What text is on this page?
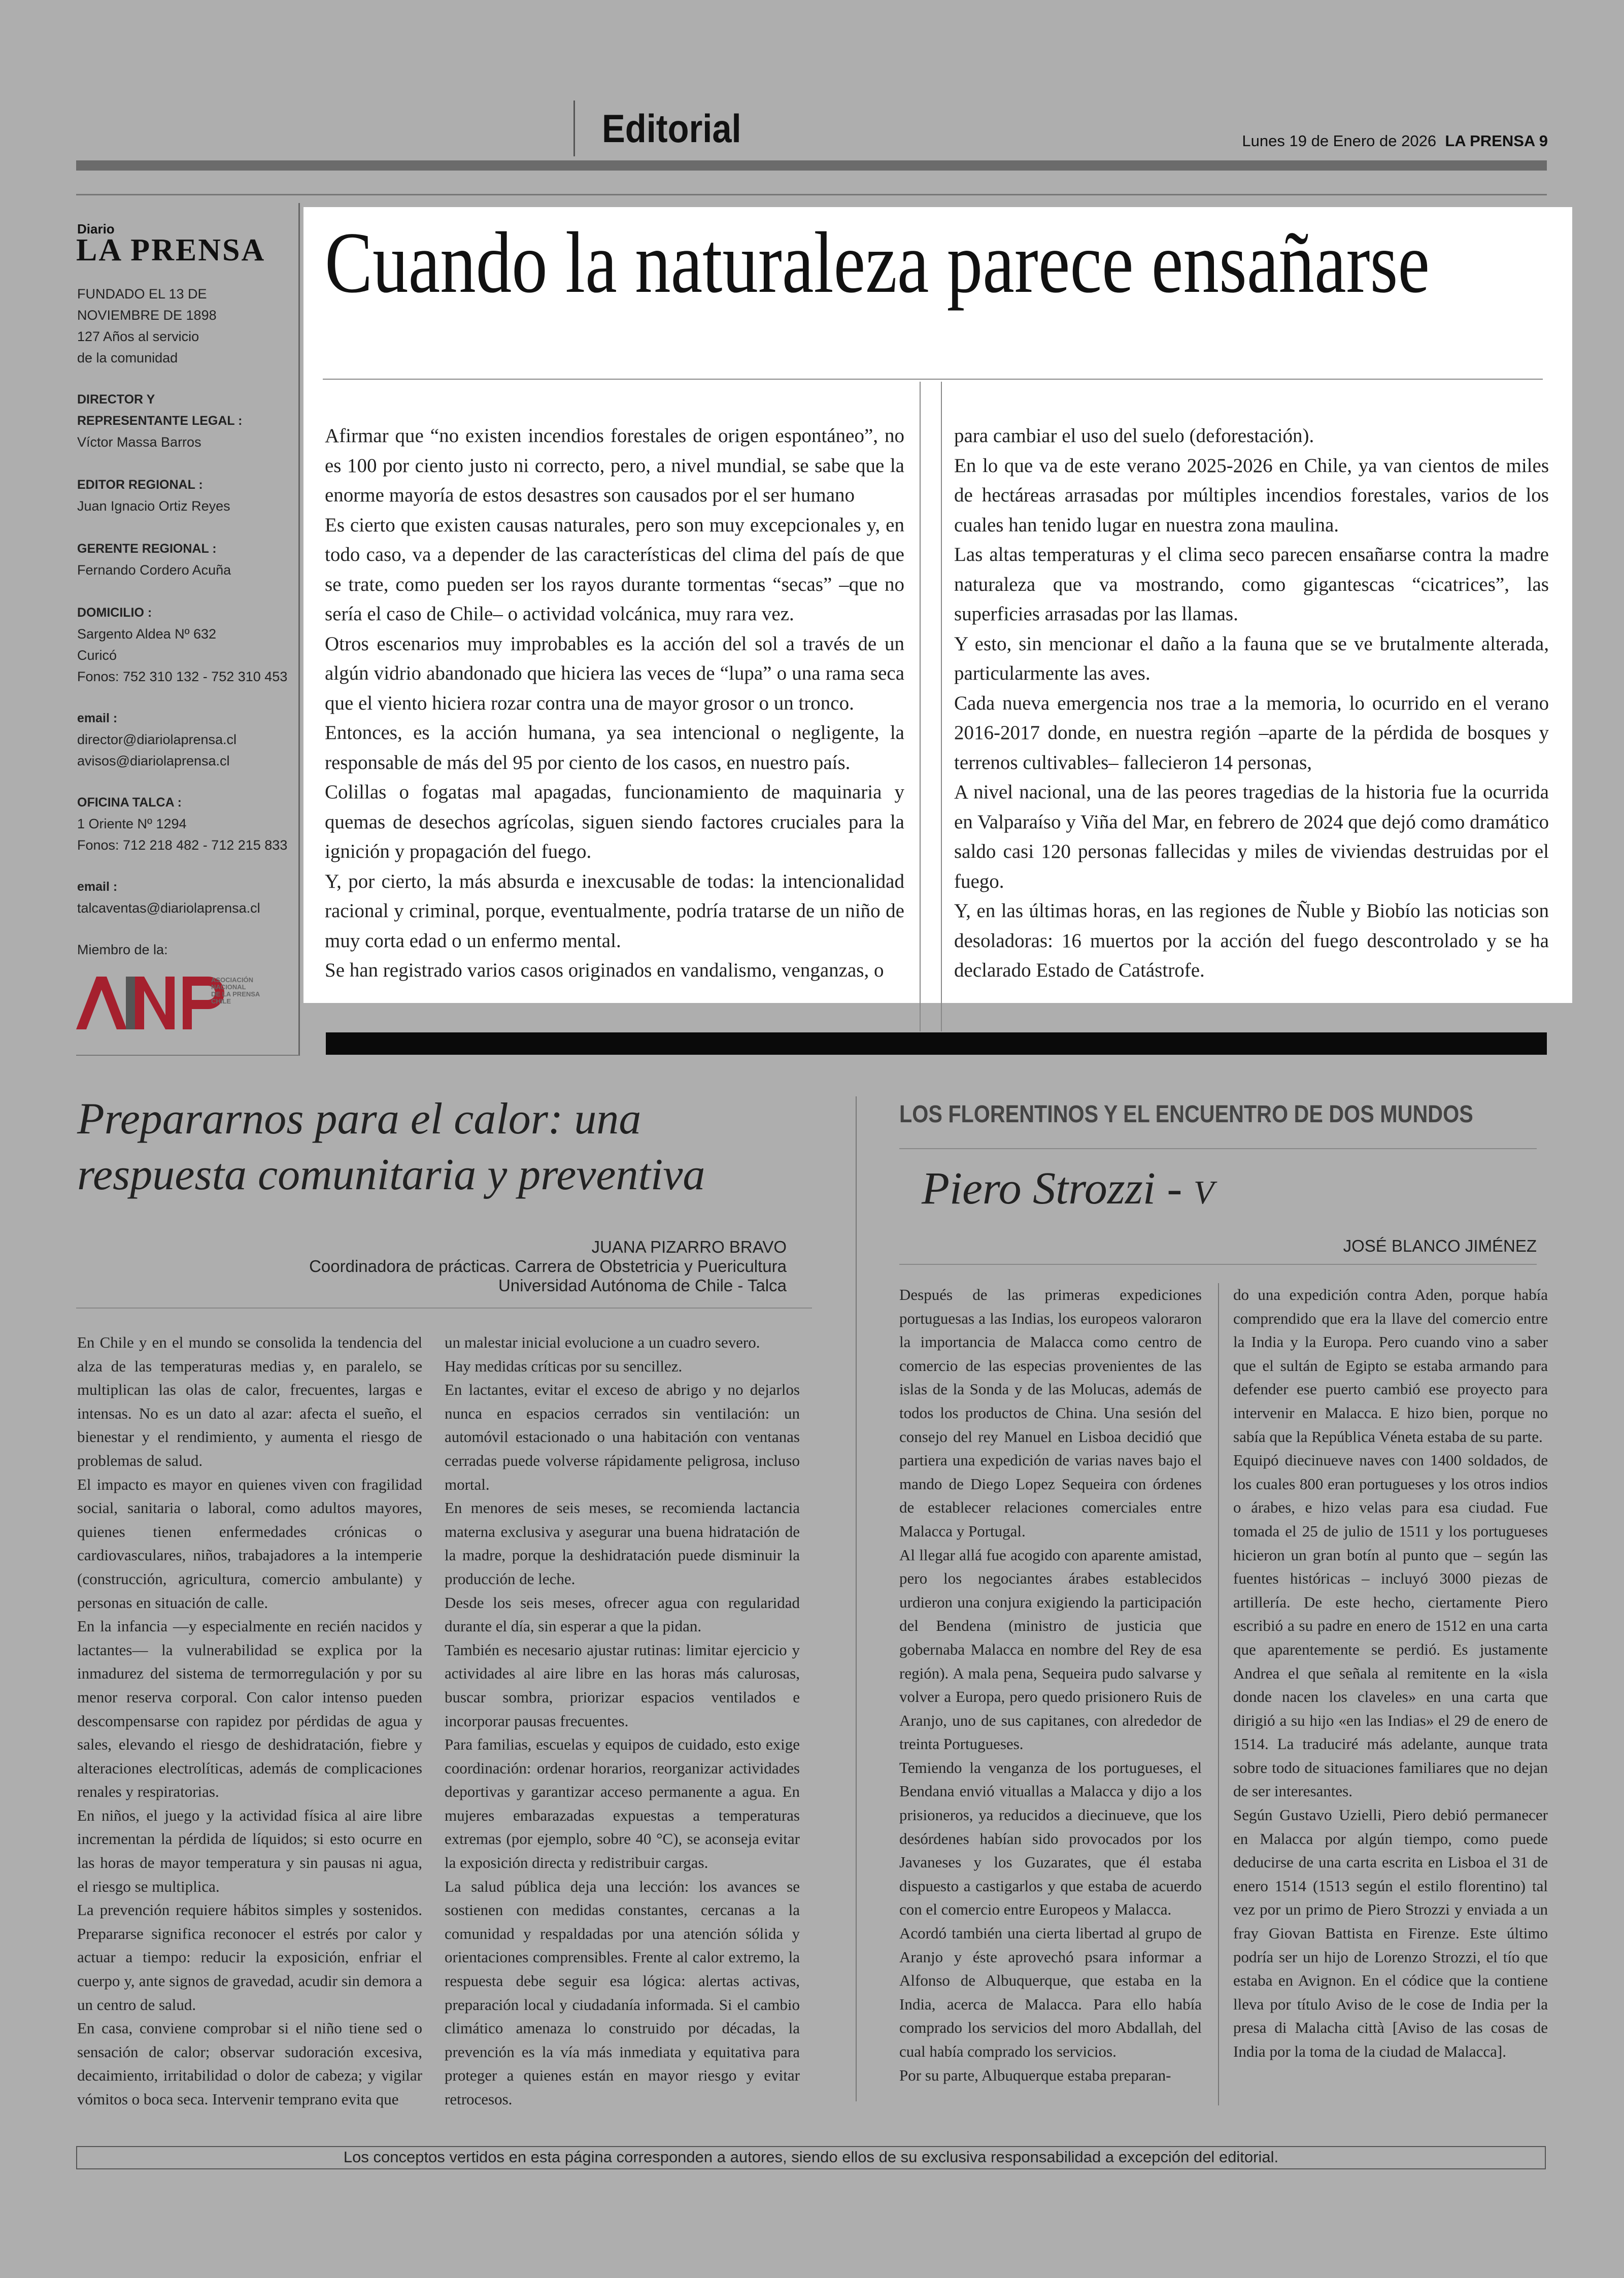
Editorial	Lunes 19 de Enero de 2026 LA PRENSA 9
Diario
LA PRENSA
FUNDADO EL 13 DE
NOVIEMBRE DE 1898
127 Años al servicio
de la comunidad
DIRECTOR Y
REPRESENTANTE LEGAL :
Víctor Massa Barros
EDITOR REGIONAL :
Juan Ignacio Ortiz Reyes
GERENTE REGIONAL :
Fernando Cordero Acuña
DOMICILIO :
Sargento Aldea Nº 632
Curicó
Fonos: 752 310 132 - 752 310 453
email :
director@diariolaprensa.cl
avisos@diariolaprensa.cl
OFICINA TALCA :
1 Oriente Nº 1294
Fonos: 712 218 482 - 712 215 833
email :
talcaventas@diariolaprensa.cl
Miembro de la:
ASOCIACIÓN
NACIONAL
DE LA PRENSA
CHILE
Cuando la naturaleza parece ensañarse

Afirmar que “no existen incendios forestales de origen espontáneo”, no es 100 por ciento justo ni correcto, pero, a nivel mundial, se sabe que la enorme mayoría de estos desastres son causados por el ser humano

Es cierto que existen causas naturales, pero son muy excepcionales y, en todo caso, va a depender de las características del clima del país de que se trate, como pueden ser los rayos durante tormentas “secas” –que no sería el caso de Chile– o actividad volcánica, muy rara vez.

Otros escenarios muy improbables es la acción del sol a través de un algún vidrio abandonado que hiciera las veces de “lupa” o una rama seca que el viento hiciera rozar contra una de mayor grosor o un tronco.

Entonces, es la acción humana, ya sea intencional o negligente, la responsable de más del 95 por ciento de los casos, en nuestro país.

Colillas o fogatas mal apagadas, funcionamiento de maquinaria y quemas de desechos agrícolas, siguen siendo factores cruciales para la ignición y propagación del fuego.

Y, por cierto, la más absurda e inexcusable de todas: la intencionalidad racional y criminal, porque, eventualmente, podría tratarse de un niño de muy corta edad o un enfermo mental.

Se han registrado varios casos originados en vandalismo, venganzas, o

para cambiar el uso del suelo (deforestación).

En lo que va de este verano 2025-2026 en Chile, ya van cientos de miles de hectáreas arrasadas por múltiples incendios forestales, varios de los cuales han tenido lugar en nuestra zona maulina.

Las altas temperaturas y el clima seco parecen ensañarse contra la madre naturaleza que va mostrando, como gigantescas “cicatrices”, las superficies arrasadas por las llamas.

Y esto, sin mencionar el daño a la fauna que se ve brutalmente alterada, particularmente las aves.

Cada nueva emergencia nos trae a la memoria, lo ocurrido en el verano 2016-2017 donde, en nuestra región –aparte de la pérdida de bosques y terrenos cultivables– fallecieron 14 personas,

A nivel nacional, una de las peores tragedias de la historia fue la ocurrida en Valparaíso y Viña del Mar, en febrero de 2024 que dejó como dramático saldo casi 120 personas fallecidas y miles de viviendas destruidas por el fuego.

Y, en las últimas horas, en las regiones de Ñuble y Biobío las noticias son desoladoras: 16 muertos por la acción del fuego descontrolado y se ha declarado Estado de Catástrofe.

Prepararnos para el calor: una
respuesta comunitaria y preventiva
JUANA PIZARRO BRAVO
Coordinadora de prácticas. Carrera de Obstetricia y Puericultura
Universidad Autónoma de Chile - Talca

En Chile y en el mundo se consolida la tendencia del alza de las temperaturas medias y, en paralelo, se multiplican las olas de calor, frecuentes, largas e intensas. No es un dato al azar: afecta el sueño, el bienestar y el rendimiento, y aumenta el riesgo de problemas de salud.

El impacto es mayor en quienes viven con fragilidad social, sanitaria o laboral, como adultos mayores, quienes tienen enfermedades crónicas o cardiovasculares, niños, trabajadores a la intemperie (construcción, agricultura, comercio ambulante) y personas en situación de calle.

En la infancia —y especialmente en recién nacidos y lactantes— la vulnerabilidad se explica por la inmadurez del sistema de termorregulación y por su menor reserva corporal. Con calor intenso pueden descompensarse con rapidez por pérdidas de agua y sales, elevando el riesgo de deshidratación, fiebre y alteraciones electrolíticas, además de complicaciones renales y respiratorias.

En niños, el juego y la actividad física al aire libre incrementan la pérdida de líquidos; si esto ocurre en las horas de mayor temperatura y sin pausas ni agua, el riesgo se multiplica.

La prevención requiere hábitos simples y sostenidos. Prepararse significa reconocer el estrés por calor y actuar a tiempo: reducir la exposición, enfriar el cuerpo y, ante signos de gravedad, acudir sin demora a un centro de salud.

En casa, conviene comprobar si el niño tiene sed o sensación de calor; observar sudoración excesiva, decaimiento, irritabilidad o dolor de cabeza; y vigilar vómitos o boca seca. Intervenir temprano evita que

un malestar inicial evolucione a un cuadro severo.

Hay medidas críticas por su sencillez.

En lactantes, evitar el exceso de abrigo y no dejarlos nunca en espacios cerrados sin ventilación: un automóvil estacionado o una habitación con ventanas cerradas puede volverse rápidamente peligrosa, incluso mortal.

En menores de seis meses, se recomienda lactancia materna exclusiva y asegurar una buena hidratación de la madre, porque la deshidratación puede disminuir la producción de leche.

Desde los seis meses, ofrecer agua con regularidad durante el día, sin esperar a que la pidan.

También es necesario ajustar rutinas: limitar ejercicio y actividades al aire libre en las horas más calurosas, buscar sombra, priorizar espacios ventilados e incorporar pausas frecuentes.

Para familias, escuelas y equipos de cuidado, esto exige coordinación: ordenar horarios, reorganizar actividades deportivas y garantizar acceso permanente a agua. En mujeres embarazadas expuestas a temperaturas extremas (por ejemplo, sobre 40 °C), se aconseja evitar la exposición directa y redistribuir cargas.

La salud pública deja una lección: los avances se sostienen con medidas constantes, cercanas a la comunidad y respaldadas por una atención sólida y orientaciones comprensibles. Frente al calor extremo, la respuesta debe seguir esa lógica: alertas activas, preparación local y ciudadanía informada. Si el cambio climático amenaza lo construido por décadas, la prevención es la vía más inmediata y equitativa para proteger a quienes están en mayor riesgo y evitar retrocesos.

LOS FLORENTINOS Y EL ENCUENTRO DE DOS MUNDOS
Piero Strozzi - V
JOSÉ BLANCO JIMÉNEZ

Después de las primeras expediciones portuguesas a las Indias, los europeos valoraron la importancia de Malacca como centro de comercio de las especias provenientes de las islas de la Sonda y de las Molucas, además de todos los productos de China. Una sesión del consejo del rey Manuel en Lisboa decidió que partiera una expedición de varias naves bajo el mando de Diego Lopez Sequeira con órdenes de establecer relaciones comerciales entre Malacca y Portugal.

Al llegar allá fue acogido con aparente amistad, pero los negociantes árabes establecidos urdieron una conjura exigiendo la participación del Bendena (ministro de justicia que gobernaba Malacca en nombre del Rey de esa región). A mala pena, Sequeira pudo salvarse y volver a Europa, pero quedo prisionero Ruis de Aranjo, uno de sus capitanes, con alrededor de treinta Portugueses.

Temiendo la venganza de los portugueses, el Bendana envió vituallas a Malacca y dijo a los prisioneros, ya reducidos a diecinueve, que los desórdenes habían sido provocados por los Javaneses y los Guzarates, que él estaba dispuesto a castigarlos y que estaba de acuerdo con el comercio entre Europeos y Malacca.

Acordó también una cierta libertad al grupo de Aranjo y éste aprovechó psara informar a Alfonso de Albuquerque, que estaba en la India, acerca de Malacca. Para ello había comprado los servicios del moro Abdallah, del cual había comprado los servicios.

Por su parte, Albuquerque estaba preparan-

do una expedición contra Aden, porque había comprendido que era la llave del comercio entre la India y la Europa. Pero cuando vino a saber que el sultán de Egipto se estaba armando para defender ese puerto cambió ese proyecto para intervenir en Malacca. E hizo bien, porque no sabía que la República Véneta estaba de su parte.

Equipó diecinueve naves con 1400 soldados, de los cuales 800 eran portugueses y los otros indios o árabes, e hizo velas para esa ciudad. Fue tomada el 25 de julio de 1511 y los portugueses hicieron un gran botín al punto que – según las fuentes históricas – incluyó 3000 piezas de artillería. De este hecho, ciertamente Piero escribió a su padre en enero de 1512 en una carta que aparentemente se perdió. Es justamente Andrea el que señala al remitente en la «isla donde nacen los claveles» en una carta que dirigió a su hijo «en las Indias» el 29 de enero de 1514. La traduciré más adelante, aunque trata sobre todo de situaciones familiares que no dejan de ser interesantes.

Según Gustavo Uzielli, Piero debió permanecer en Malacca por algún tiempo, como puede deducirse de una carta escrita en Lisboa el 31 de enero 1514 (1513 según el estilo florentino) tal vez por un primo de Piero Strozzi y enviada a un fray Giovan Battista en Firenze. Este último podría ser un hijo de Lorenzo Strozzi, el tío que estaba en Avignon. En el códice que la contiene lleva por título Aviso de le cose de India per la presa di Malacha città [Aviso de las cosas de India por la toma de la ciudad de Malacca].

Los conceptos vertidos en esta página corresponden a autores, siendo ellos de su exclusiva responsabilidad a excepción del editorial.
